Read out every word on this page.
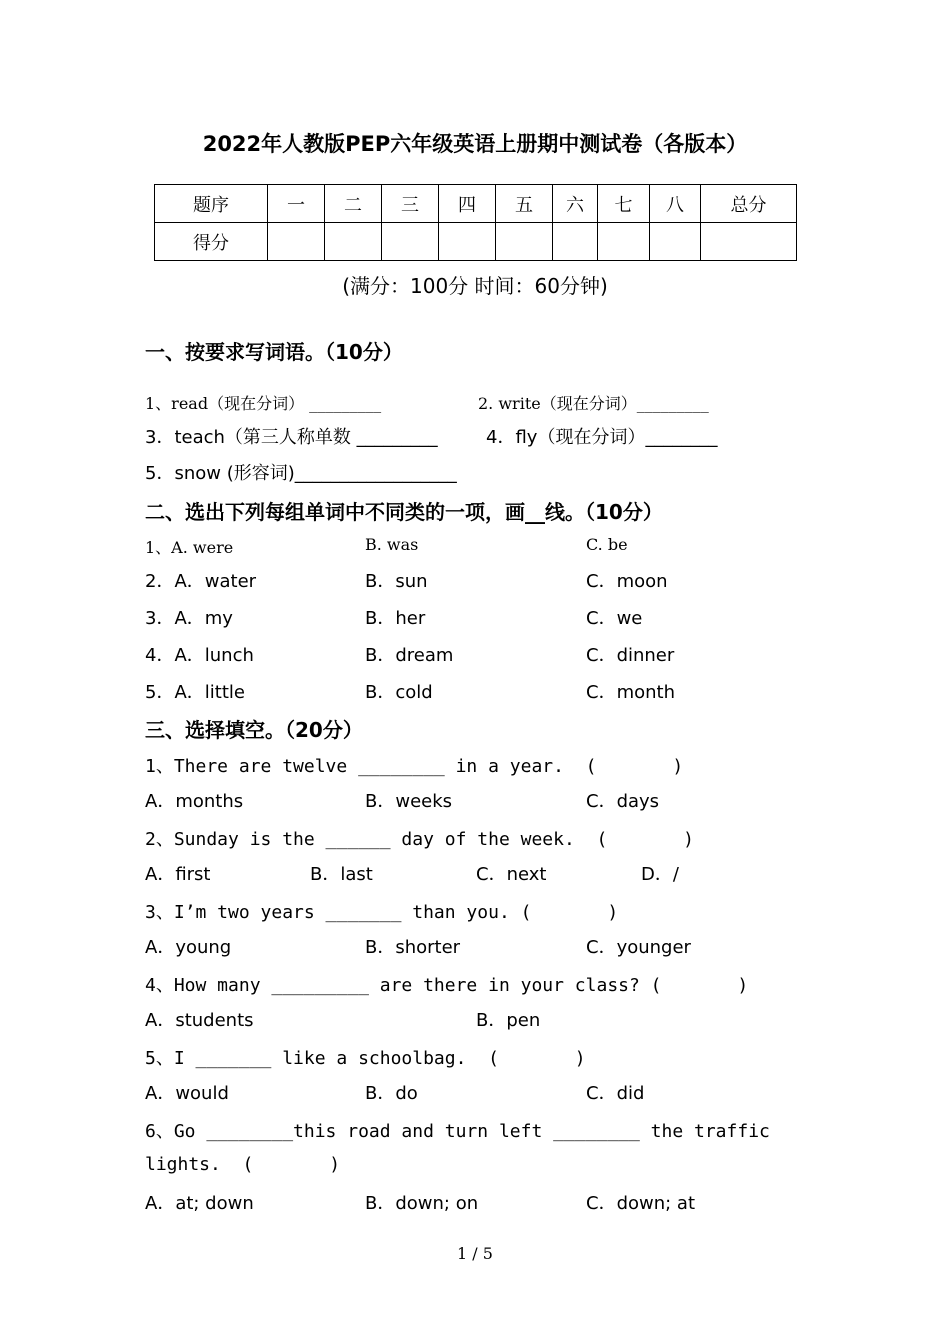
2022年人教版PEP六年级英语上册期中测试卷（各版本）
题序	一	二	三	四	五	六	七	八	总分
得分									
(满分：100分 时间：60分钟)
一、按要求写词语。（10分）
1、read（现在分词） _________	2. write（现在分词）_________
3．teach（第三人称单数 _________	4．fly（现在分词）________
5．snow (形容词)__________________
二、选出下列每组单词中不同类的一项，画__线。（10分）
1、A. were	B. was	C. be
2．A．water	B．sun	C．moon
3．A．my	B．her	C．we
4．A．lunch	B．dream	C．dinner
5．A．little	B．cold	C．month
三、选择填空。（20分）
1、There are twelve ________ in a year.  (       )
A．months	B．weeks	C．days
2、Sunday is the ______ day of the week.  (       )
A．first	B．last	C．next	D．/
3、I’m two years _______ than you. (       )
A．young	B．shorter	C．younger
4、How many _________ are there in your class? (       )
A．students	B．pen
5、I _______ like a schoolbag.  (       )
A．would	B．do	C．did
6、Go ________this road and turn left ________ the traffic
lights.  (       )
A．at; down	B．down; on	C．down; at
1 / 5
